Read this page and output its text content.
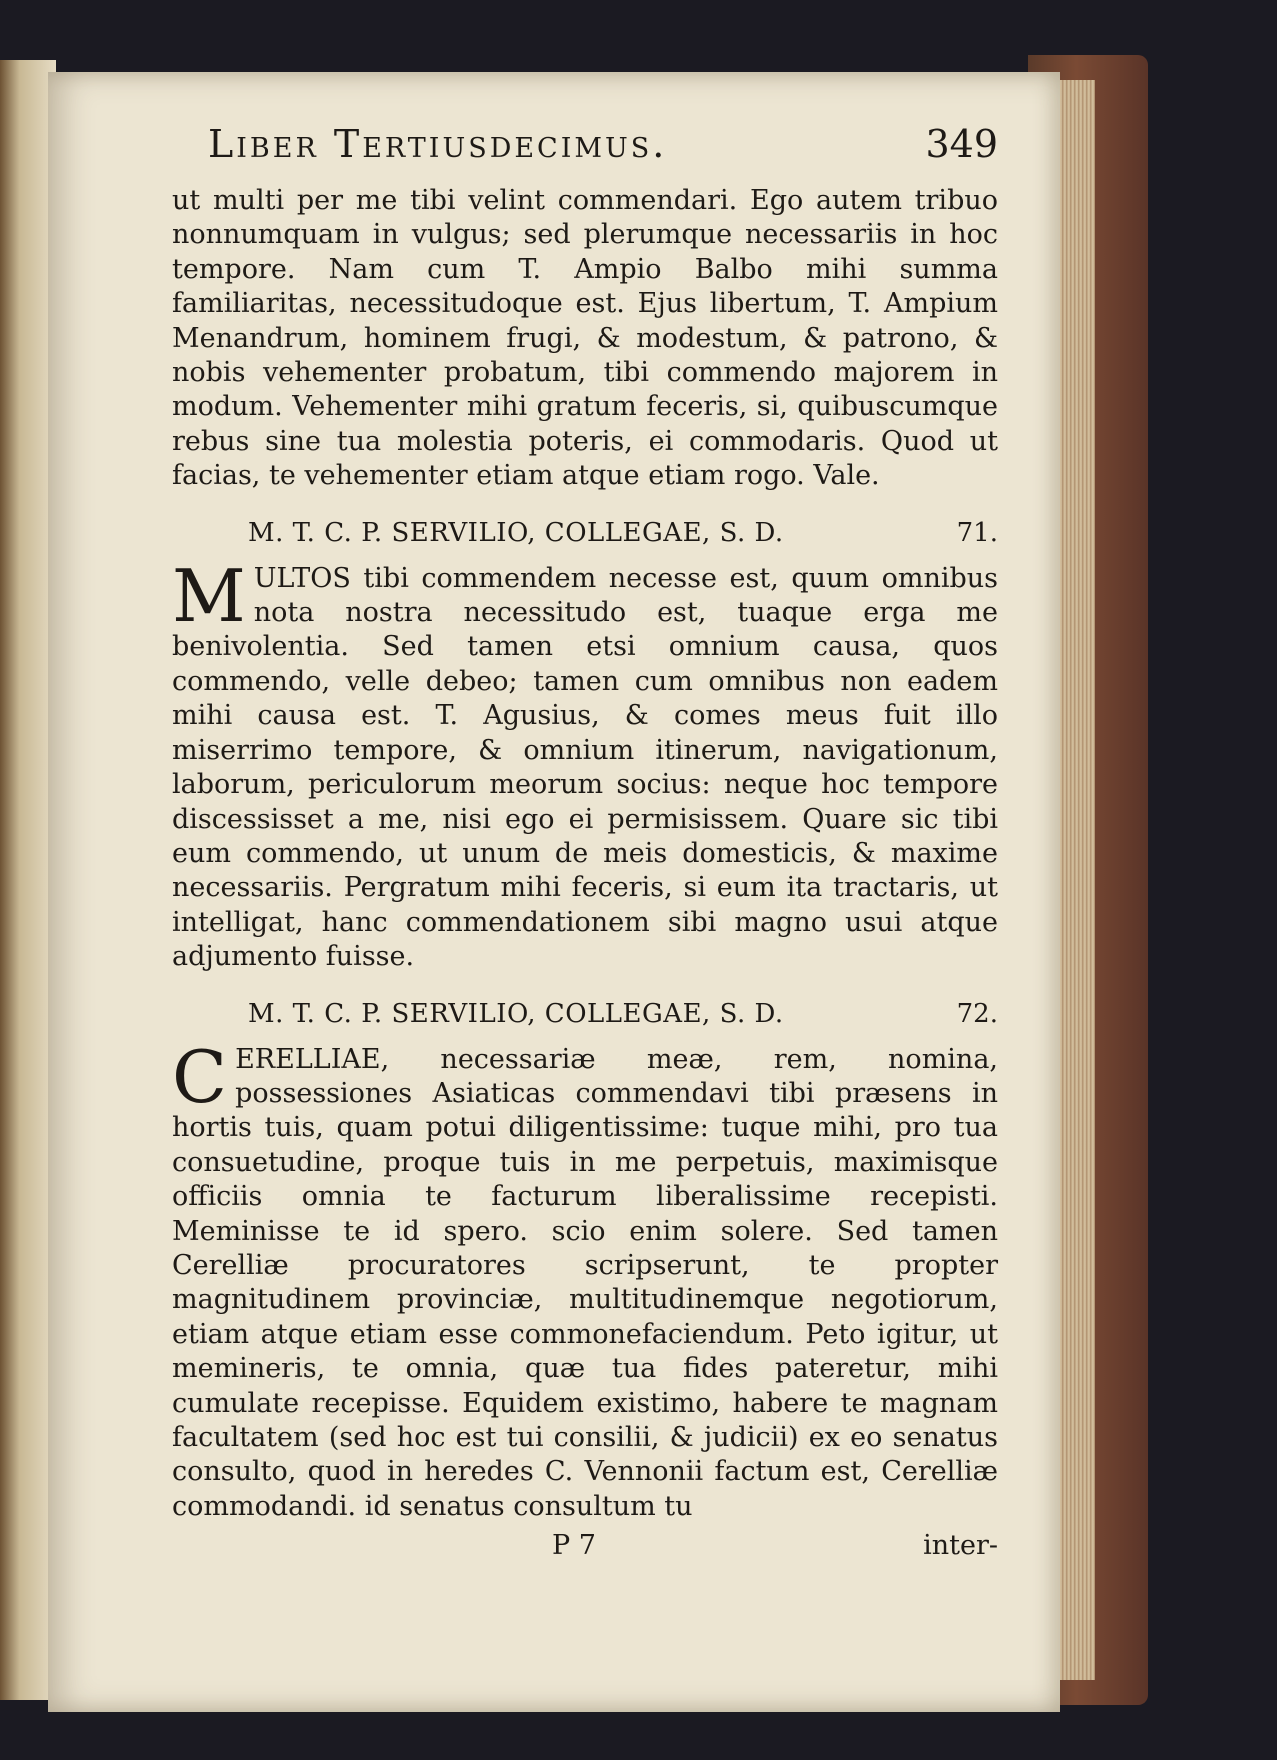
Liber Tertiusdecimus.	349

ut multi per me tibi velint commendari. Ego autem tribuo nonnumquam in vulgus; sed plerumque necessariis in hoc tempore. Nam cum T. Ampio Balbo mihi summa familiaritas, necessitudoque est. Ejus libertum, T. Ampium Menandrum, hominem frugi, & modestum, & patrono, & nobis vehementer probatum, tibi commendo majorem in modum. Vehementer mihi gratum feceris, si, quibuscumque rebus sine tua molestia poteris, ei commodaris. Quod ut facias, te vehementer etiam atque etiam rogo. Vale.

M. T. C. P. SERVILIO, COLLEGAE, S. D.	71.

MULTOS tibi commendem necesse est, quum omnibus nota nostra necessitudo est, tuaque erga me benivolentia. Sed tamen etsi omnium causa, quos commendo, velle debeo; tamen cum omnibus non eadem mihi causa est. T. Agusius, & comes meus fuit illo miserrimo tempore, & omnium itinerum, navigationum, laborum, periculorum meorum socius: neque hoc tempore discessisset a me, nisi ego ei permisissem. Quare sic tibi eum commendo, ut unum de meis domesticis, & maxime necessariis. Pergratum mihi feceris, si eum ita tractaris, ut intelligat, hanc commendationem sibi magno usui atque adjumento fuisse.

M. T. C. P. SERVILIO, COLLEGAE, S. D.	72.

CERELLIAE, necessariæ meæ, rem, nomina, possessiones Asiaticas commendavi tibi præsens in hortis tuis, quam potui diligentissime: tuque mihi, pro tua consuetudine, proque tuis in me perpetuis, maximisque officiis omnia te facturum liberalissime recepisti. Meminisse te id spero. scio enim solere. Sed tamen Cerelliæ procuratores scripserunt, te propter magnitudinem provinciæ, multitudinemque negotiorum, etiam atque etiam esse commonefaciendum. Peto igitur, ut memineris, te omnia, quæ tua fides pateretur, mihi cumulate recepisse. Equidem existimo, habere te magnam facultatem (sed hoc est tui consilii, & judicii) ex eo senatus consulto, quod in heredes C. Vennonii factum est, Cerelliæ commodandi. id senatus consultum tu

P 7	inter-
